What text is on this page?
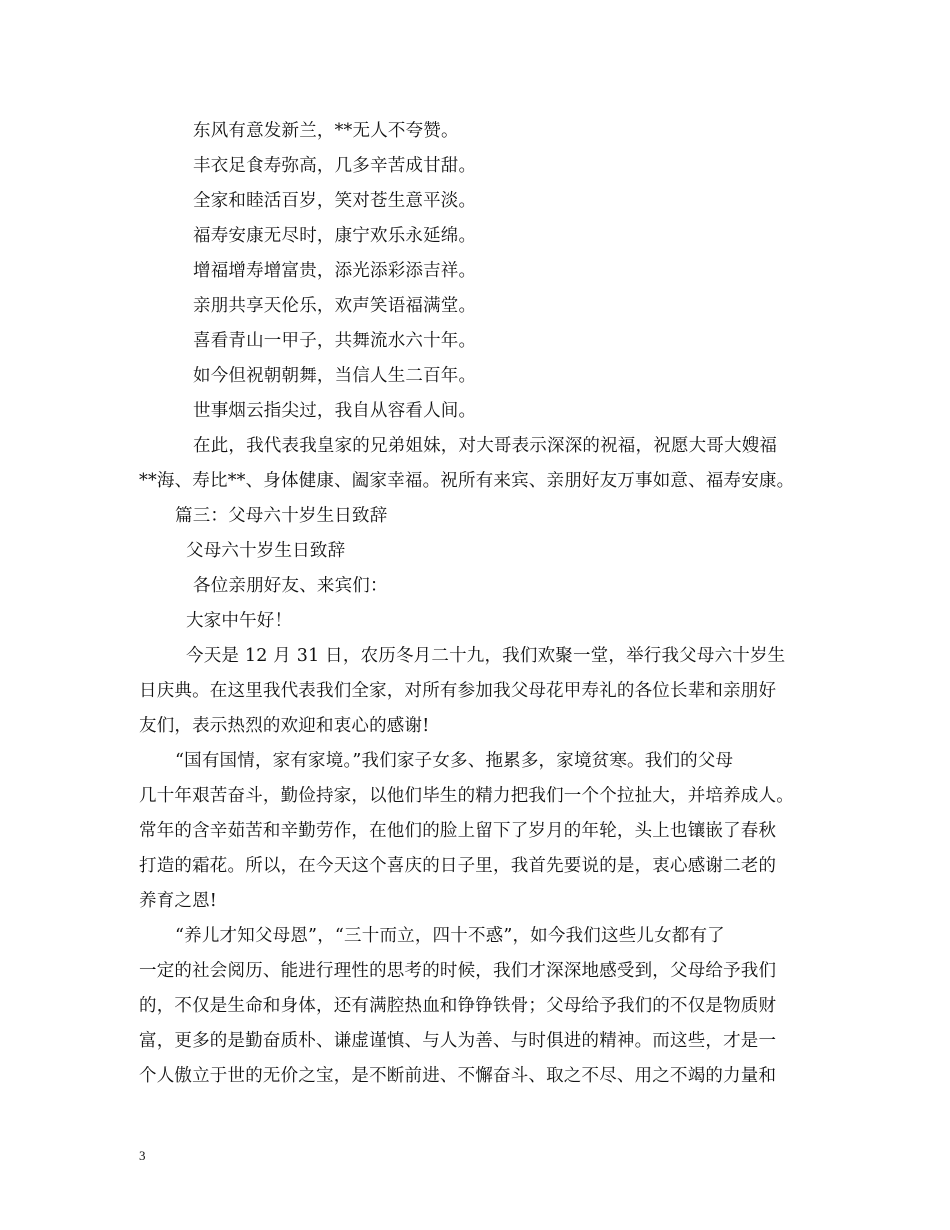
东风有意发新兰，**无人不夸赞。
丰衣足食寿弥高，几多辛苦成甘甜。
全家和睦活百岁，笑对苍生意平淡。
福寿安康无尽时，康宁欢乐永延绵。
增福增寿增富贵，添光添彩添吉祥。
亲朋共享天伦乐，欢声笑语福满堂。
喜看青山一甲子，共舞流水六十年。
如今但祝朝朝舞，当信人生二百年。
世事烟云指尖过，我自从容看人间。
在此，我代表我皇家的兄弟姐妹，对大哥表示深深的祝福，祝愿大哥大嫂福
**海、寿比**、身体健康、阖家幸福。祝所有来宾、亲朋好友万事如意、福寿安康。
篇三：父母六十岁生日致辞
父母六十岁生日致辞
各位亲朋好友、来宾们：
大家中午好！
今天是 12 月 31 日，农历冬月二十九，我们欢聚一堂，举行我父母六十岁生
日庆典。在这里我代表我们全家，对所有参加我父母花甲寿礼的各位长辈和亲朋好
友们，表示热烈的欢迎和衷心的感谢!
“国有国情，家有家境。”我们家子女多、拖累多，家境贫寒。我们的父母
几十年艰苦奋斗，勤俭持家，以他们毕生的精力把我们一个个拉扯大，并培养成人。
常年的含辛茹苦和辛勤劳作，在他们的脸上留下了岁月的年轮，头上也镶嵌了春秋
打造的霜花。所以，在今天这个喜庆的日子里，我首先要说的是，衷心感谢二老的
养育之恩!
“养儿才知父母恩”，“三十而立，四十不惑”，如今我们这些儿女都有了
一定的社会阅历、能进行理性的思考的时候，我们才深深地感受到，父母给予我们
的，不仅是生命和身体，还有满腔热血和铮铮铁骨；父母给予我们的不仅是物质财
富，更多的是勤奋质朴、谦虚谨慎、与人为善、与时俱进的精神。而这些，才是一
个人傲立于世的无价之宝，是不断前进、不懈奋斗、取之不尽、用之不竭的力量和
3
